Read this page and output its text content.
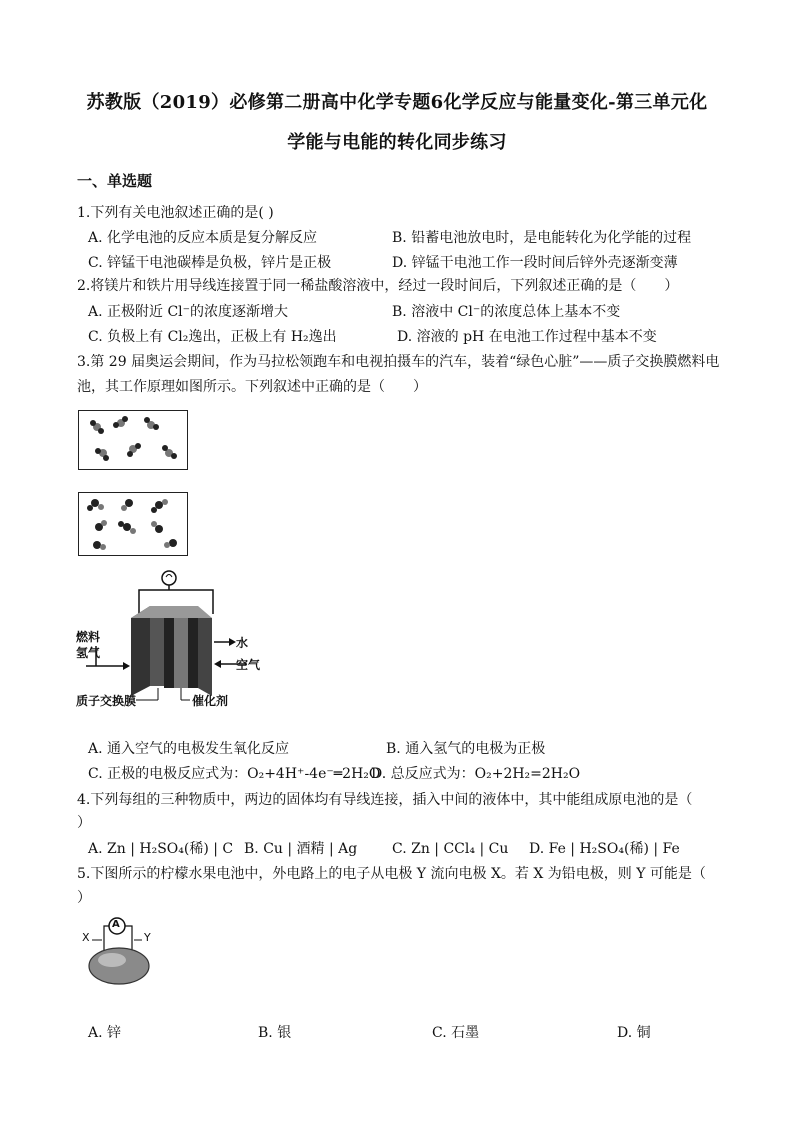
苏教版（2019）必修第二册高中化学专题6化学反应与能量变化-第三单元化
学能与电能的转化同步练习
一、单选题
1.下列有关电池叙述正确的是( )
A. 化学电池的反应本质是复分解反应	B. 铅蓄电池放电时，是电能转化为化学能的过程
C. 锌锰干电池碳棒是负极，锌片是正极	D. 锌锰干电池工作一段时间后锌外壳逐渐变薄
2.将镁片和铁片用导线连接置于同一稀盐酸溶液中，经过一段时间后，下列叙述正确的是（　　）
A. 正极附近 Cl⁻的浓度逐渐增大	B. 溶液中 Cl⁻的浓度总体上基本不变
C. 负极上有 Cl₂逸出，正极上有 H₂逸出	D. 溶液的 pH 在电池工作过程中基本不变
3.第 29 届奥运会期间，作为马拉松领跑车和电视拍摄车的汽车，装着“绿色心脏”——质子交换膜燃料电
池，其工作原理如图所示。下列叙述中正确的是（　　）
燃料
氢气
水
空气
质子交换膜	催化剂
A. 通入空气的电极发生氧化反应	B. 通入氢气的电极为正极
C. 正极的电极反应式为：O₂+4H⁺-4e⁻═2H₂O
D. 总反应式为：O₂+2H₂=2H₂O
4.下列每组的三种物质中，两边的固体均有导线连接，插入中间的液体中，其中能组成原电池的是（
）
A. Zn | H₂SO₄(稀) | C B. Cu | 酒精 | Ag C. Zn | CCl₄ | Cu D. Fe | H₂SO₄(稀) | Fe
5.下图所示的柠檬水果电池中，外电路上的电子从电极 Y 流向电极 X。若 X 为铅电极，则 Y 可能是（
）
A
X	Y
A. 锌	B. 银	C. 石墨	D. 铜
